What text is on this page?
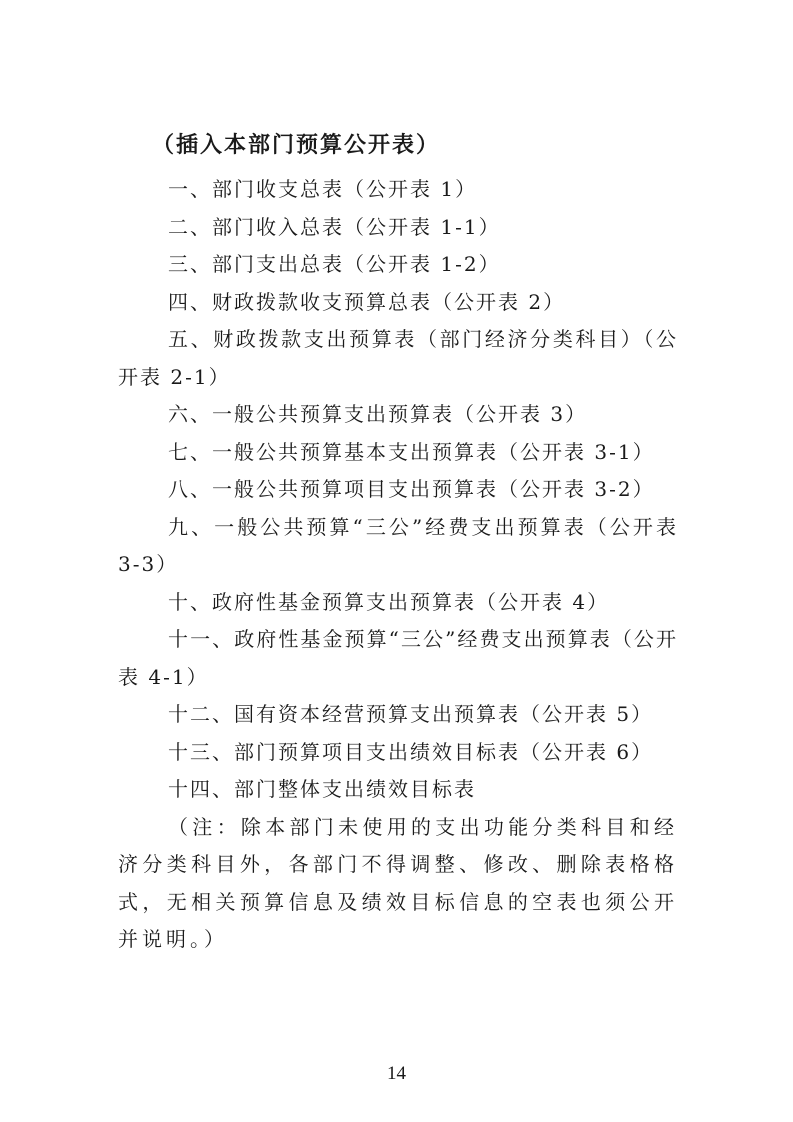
（插入本部门预算公开表）

一、部门收支总表（公开表 1）

二、部门收入总表（公开表 1-1）

三、部门支出总表（公开表 1-2）

四、财政拨款收支预算总表（公开表 2）

五、财政拨款支出预算表（部门经济分类科目）（公开表 2-1）

六、一般公共预算支出预算表（公开表 3）

七、一般公共预算基本支出预算表（公开表 3-1）

八、一般公共预算项目支出预算表（公开表 3-2）

九、一般公共预算“三公”经费支出预算表（公开表 3-3）

十、政府性基金预算支出预算表（公开表 4）

十一、政府性基金预算“三公”经费支出预算表（公开表 4-1）

十二、国有资本经营预算支出预算表（公开表 5）

十三、部门预算项目支出绩效目标表（公开表 6）

十四、部门整体支出绩效目标表

（注：除本部门未使用的支出功能分类科目和经济分类科目外，各部门不得调整、修改、删除表格格式，无相关预算信息及绩效目标信息的空表也须公开并说明。）

14
